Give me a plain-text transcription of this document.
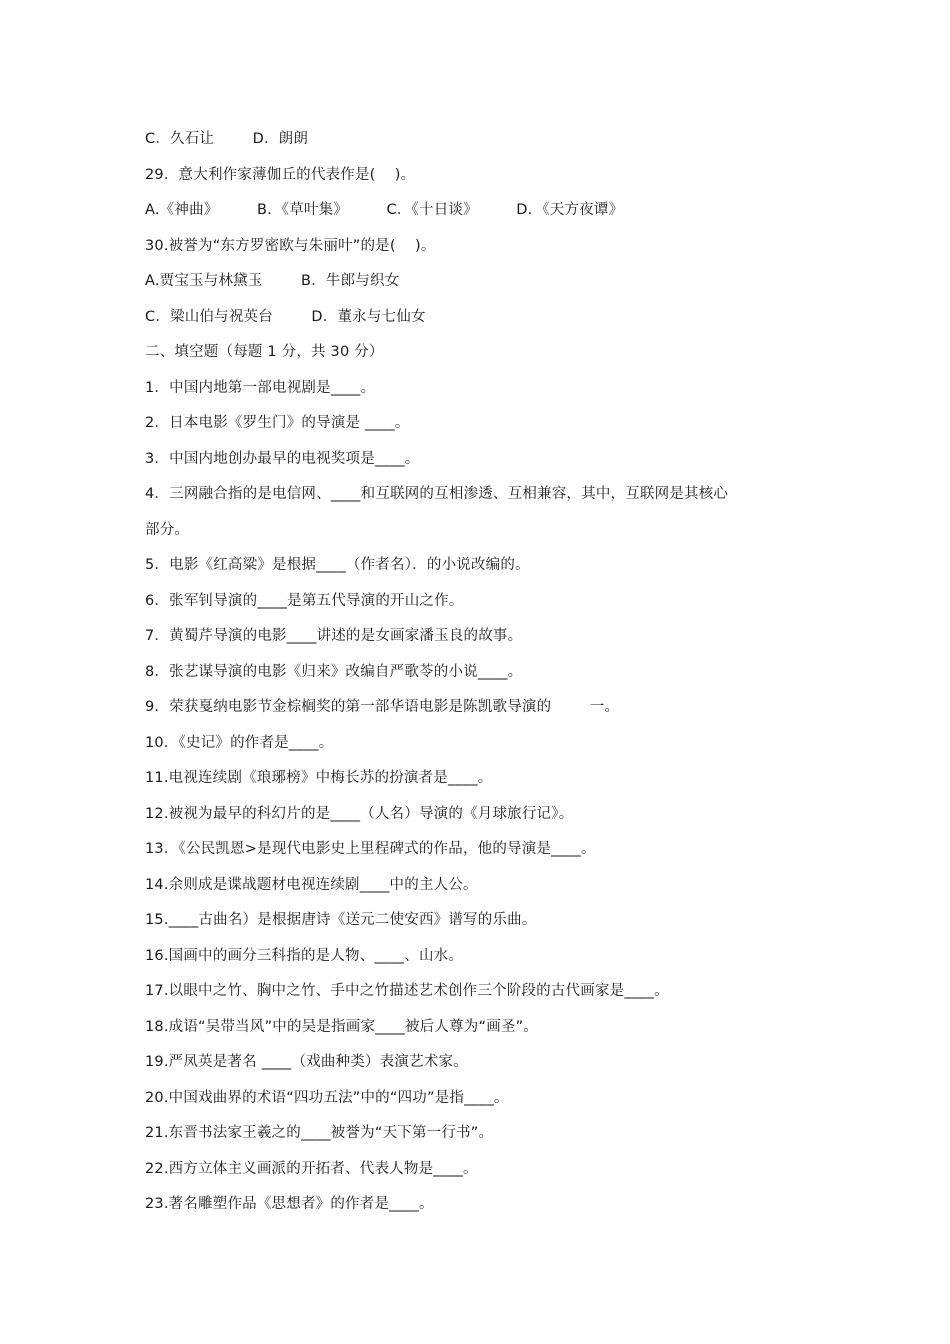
C．久石让        D．朗朗
29．意大利作家薄伽丘的代表作是(    )。
A.《神曲》        B．《草叶集》        C．《十日谈》        D．《天方夜谭》
30.被誉为“东方罗密欧与朱丽叶”的是(    )。
A.贾宝玉与林黛玉        B．牛郎与织女
C．梁山伯与祝英台        D．董永与七仙女
二、填空题（每题 1 分，共 30 分）
1．中国内地第一部电视剧是____。
2．日本电影《罗生门》的导演是 ____。
3．中国内地创办最早的电视奖项是____。
4．三网融合指的是电信网、____和互联网的互相渗透、互相兼容，其中，互联网是其核心
部分。
5．电影《红高粱》是根据____（作者名）．的小说改编的。
6．张军钊导演的____是第五代导演的开山之作。
7．黄蜀芹导演的电影____讲述的是女画家潘玉良的故事。
8．张艺谋导演的电影《归来》改编自严歌苓的小说____。
9．荣获戛纳电影节金棕榈奖的第一部华语电影是陈凯歌导演的        一。
10．《史记》的作者是____。
11.电视连续剧《琅琊榜》中梅长苏的扮演者是____。
12.被视为最早的科幻片的是____（人名）导演的《月球旅行记》。
13．《公民凯恩>是现代电影史上里程碑式的作品，他的导演是____。
14.余则成是谍战题材电视连续剧____中的主人公。
15.____古曲名）是根据唐诗《送元二使安西》谱写的乐曲。
16.国画中的画分三科指的是人物、____、山水。
17.以眼中之竹、胸中之竹、手中之竹描述艺术创作三个阶段的古代画家是____。
18.成语“吴带当风”中的吴是指画家____被后人尊为“画圣”。
19.严凤英是著名 ____（戏曲种类）表演艺术家。
20.中国戏曲界的术语“四功五法”中的“四功”是指____。
21.东晋书法家王羲之的____被誉为“天下第一行书”。
22.西方立体主义画派的开拓者、代表人物是____。
23.著名雕塑作品《思想者》的作者是____。
